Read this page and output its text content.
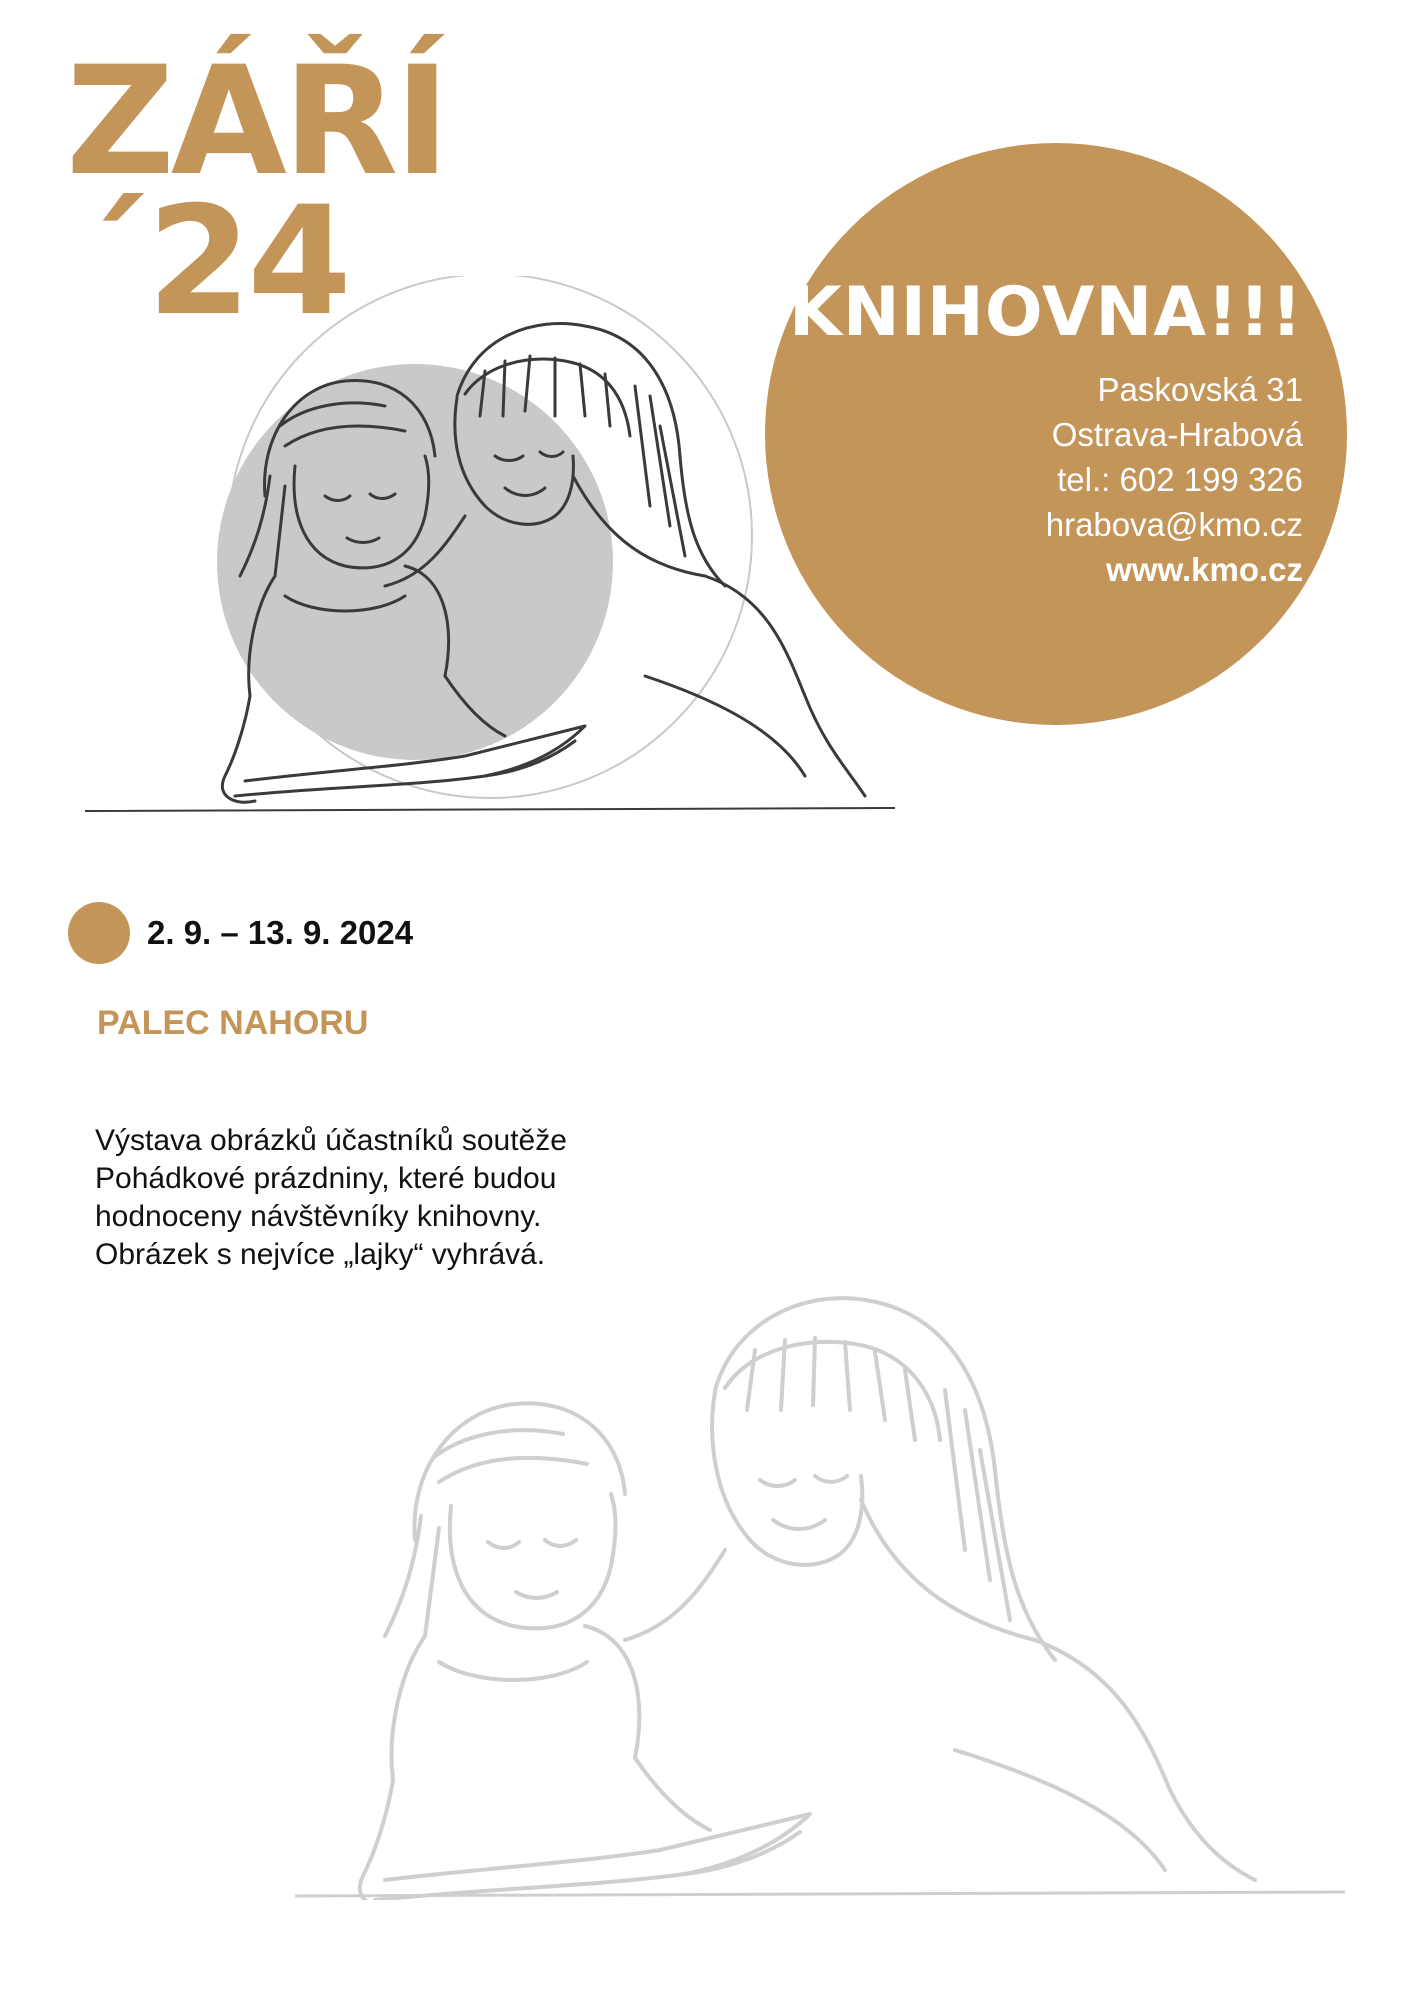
ZÁŘÍ
´24	KNIHOVNA!!!
Paskovská 31
Ostrava-Hrabová
tel.: 602 199 326
hrabova@kmo.cz
www.kmo.cz
2. 9. – 13. 9. 2024
PALEC NAHORU

Výstava obrázků účastníků soutěže
Pohádkové prázdniny, které budou
hodnoceny návštěvníky knihovny.
Obrázek s nejvíce „lajky“ vyhrává.
